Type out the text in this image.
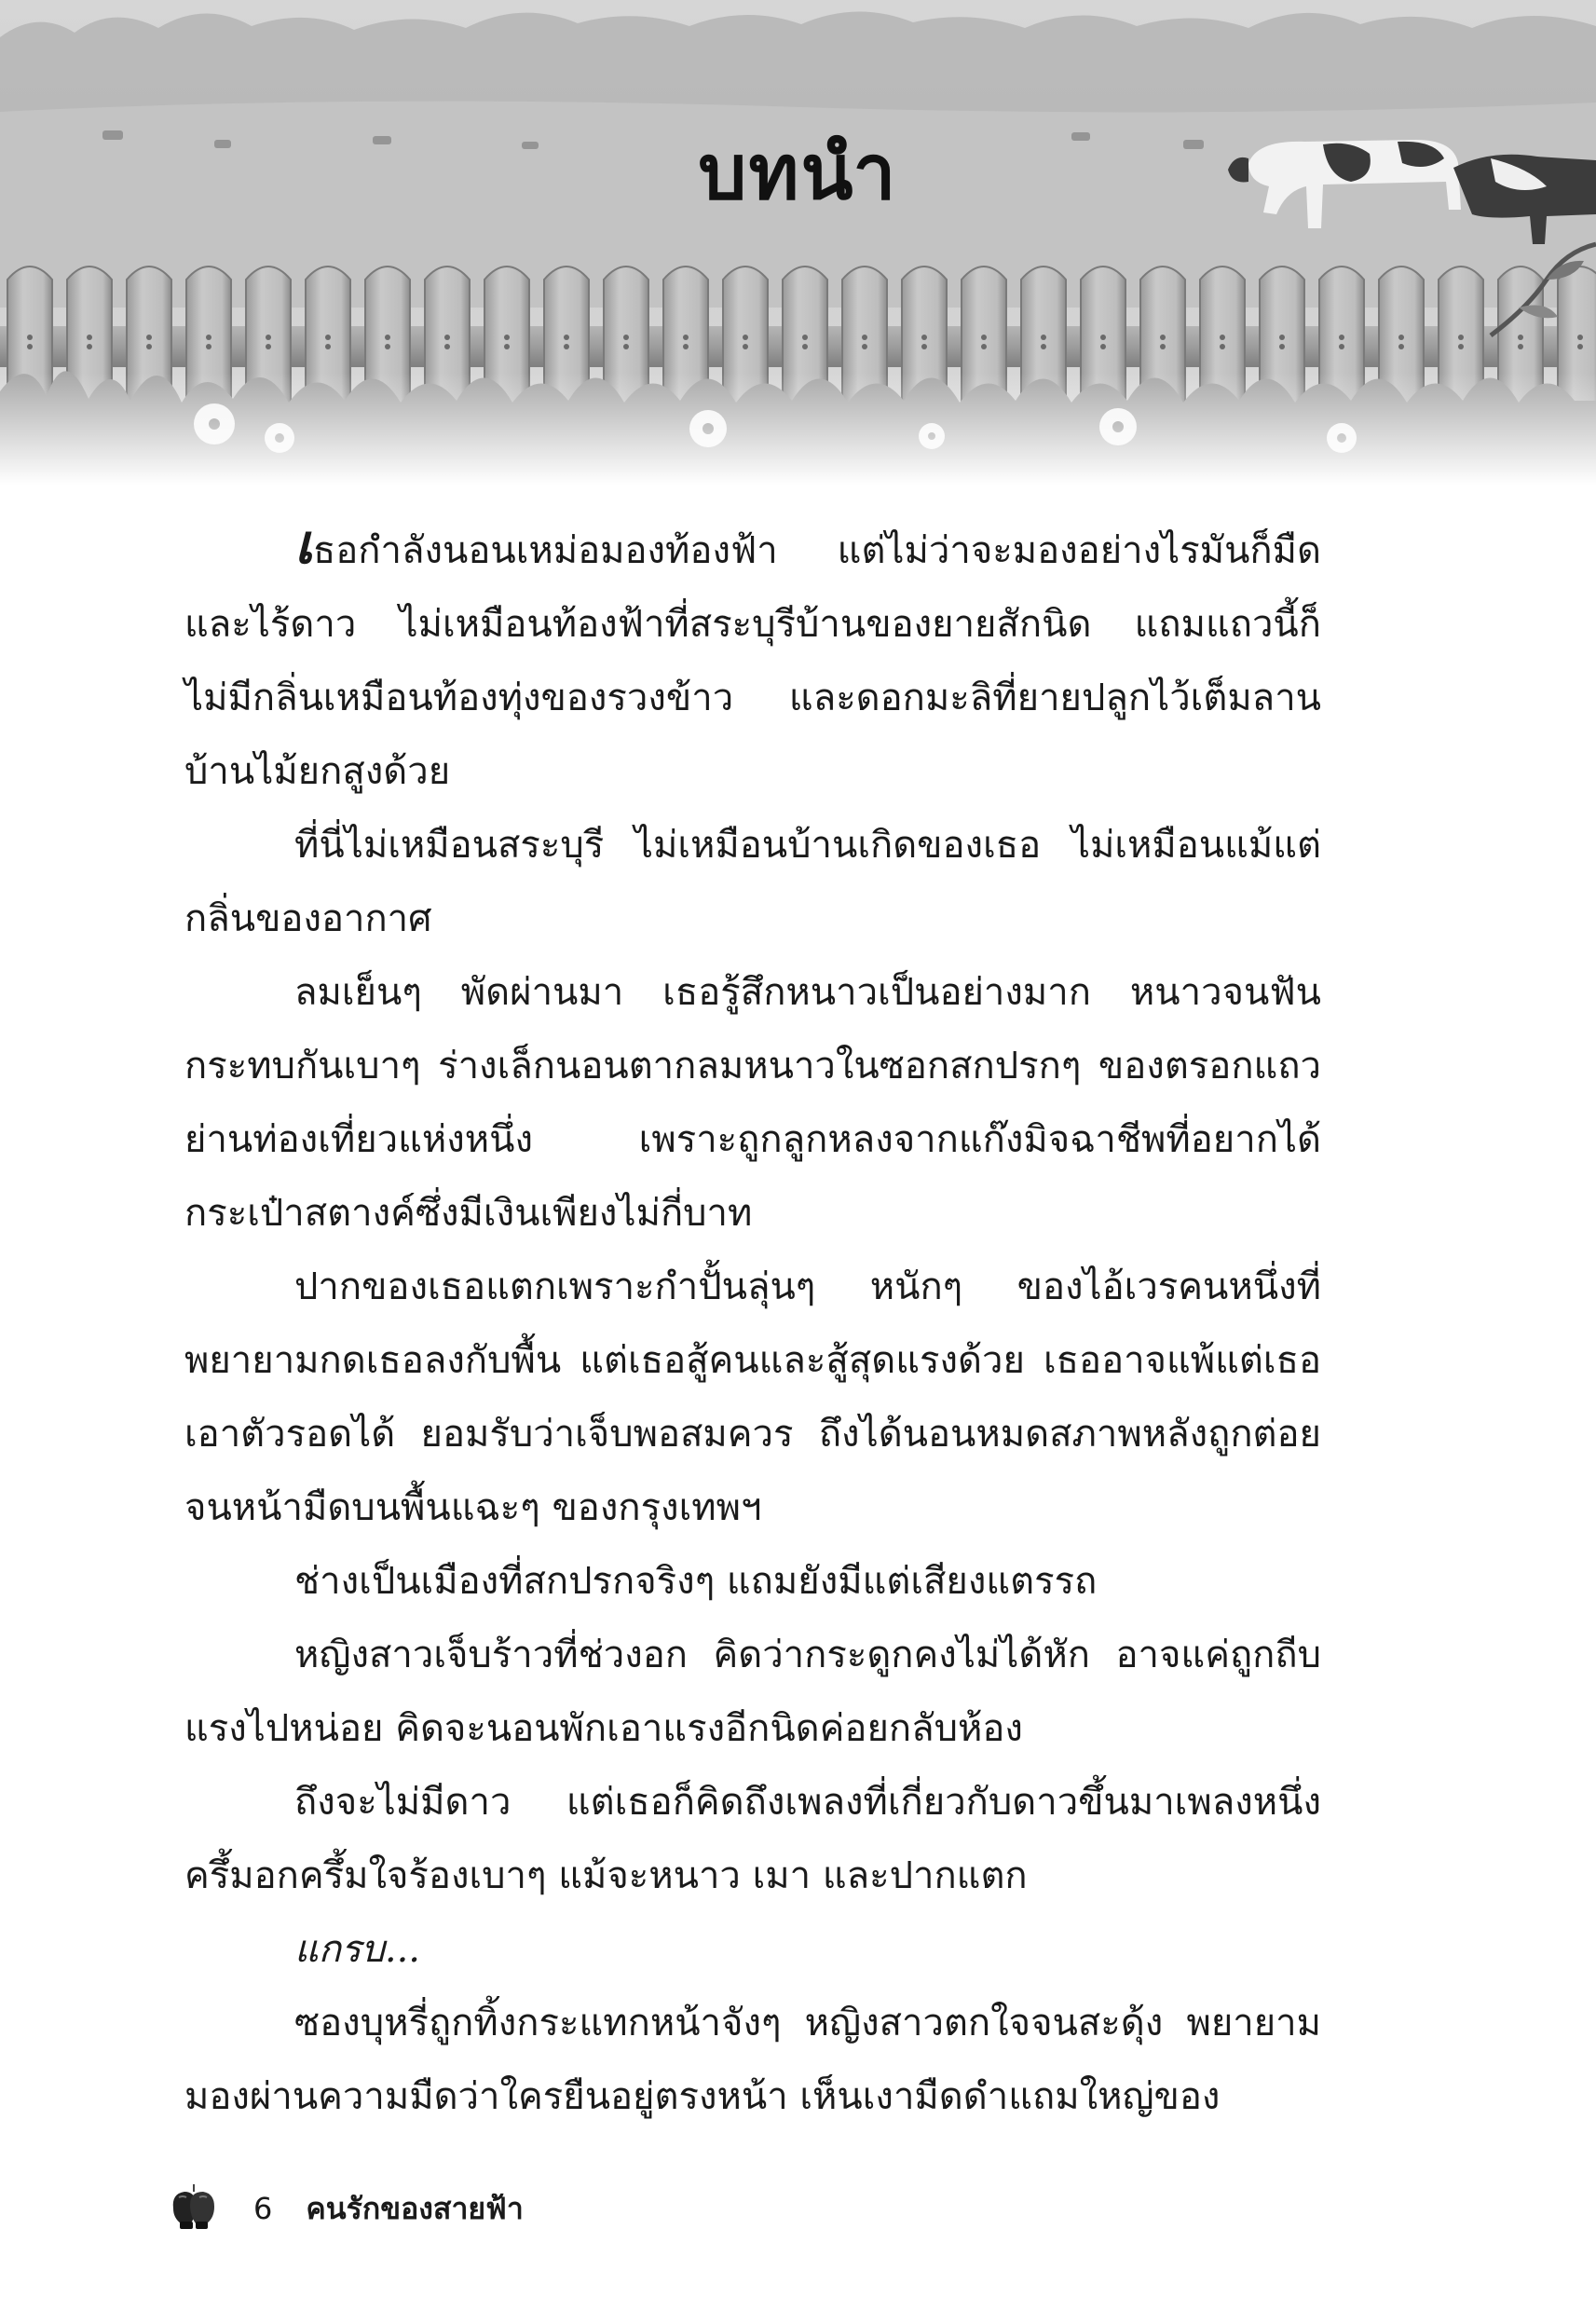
บทนำ

เธอกำลังนอนเหม่อมองท้องฟ้า แต่ไม่ว่าจะมองอย่างไรมันก็มืดและไร้ดาว ไม่เหมือนท้องฟ้าที่สระบุรีบ้านของยายสักนิด แถมแถวนี้ก็ไม่มีกลิ่นเหมือนท้องทุ่งของรวงข้าว และดอกมะลิที่ยายปลูกไว้เต็มลานบ้านไม้ยกสูงด้วย

ที่นี่ไม่เหมือนสระบุรี ไม่เหมือนบ้านเกิดของเธอ ไม่เหมือนแม้แต่กลิ่นของอากาศ

ลมเย็นๆ พัดผ่านมา เธอรู้สึกหนาวเป็นอย่างมาก หนาวจนฟันกระทบกันเบาๆ ร่างเล็กนอนตากลมหนาวในซอกสกปรกๆ ของตรอกแถวย่านท่องเที่ยวแห่งหนึ่ง เพราะถูกลูกหลงจากแก๊งมิจฉาชีพที่อยากได้กระเป๋าสตางค์ซึ่งมีเงินเพียงไม่กี่บาท

ปากของเธอแตกเพราะกำปั้นลุ่นๆ หนักๆ ของไอ้เวรคนหนึ่งที่พยายามกดเธอลงกับพื้น แต่เธอสู้คนและสู้สุดแรงด้วย เธออาจแพ้แต่เธอเอาตัวรอดได้ ยอมรับว่าเจ็บพอสมควร ถึงได้นอนหมดสภาพหลังถูกต่อยจนหน้ามืดบนพื้นแฉะๆ ของกรุงเทพฯ

ช่างเป็นเมืองที่สกปรกจริงๆ แถมยังมีแต่เสียงแตรรถ

หญิงสาวเจ็บร้าวที่ช่วงอก คิดว่ากระดูกคงไม่ได้หัก อาจแค่ถูกถีบแรงไปหน่อย คิดจะนอนพักเอาแรงอีกนิดค่อยกลับห้อง

ถึงจะไม่มีดาว แต่เธอก็คิดถึงเพลงที่เกี่ยวกับดาวขึ้นมาเพลงหนึ่ง ครึ้มอกครึ้มใจร้องเบาๆ แม้จะหนาว เมา และปากแตก

แกรบ...

ซองบุหรี่ถูกทิ้งกระแทกหน้าจังๆ หญิงสาวตกใจจนสะดุ้ง พยายามมองผ่านความมืดว่าใครยืนอยู่ตรงหน้า เห็นเงามืดดำแถมใหญ่ของ

6 คนรักของสายฟ้า
